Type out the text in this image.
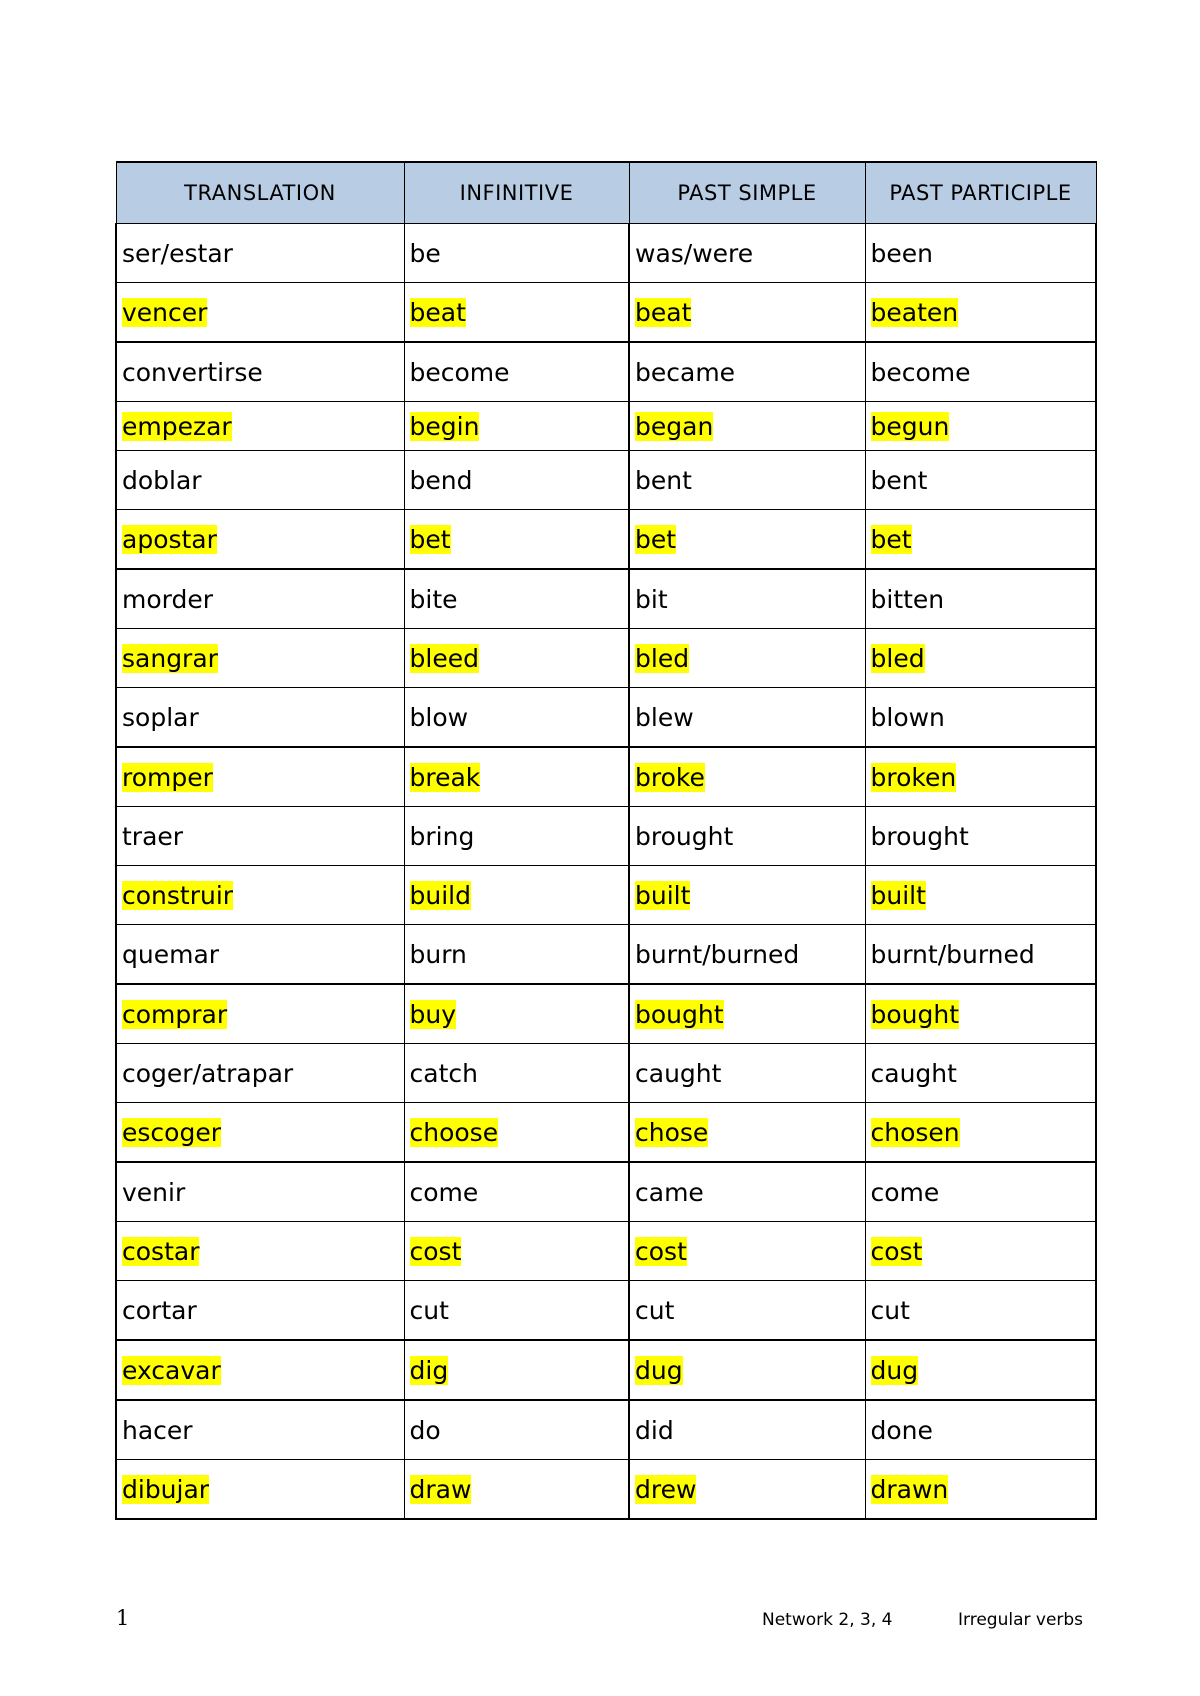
TRANSLATION	INFINITIVE	PAST SIMPLE	PAST PARTICIPLE
ser/estar	be	was/were	been
vencer	beat	beat	beaten
convertirse	become	became	become
empezar	begin	began	begun
doblar	bend	bent	bent
apostar	bet	bet	bet
morder	bite	bit	bitten
sangrar	bleed	bled	bled
soplar	blow	blew	blown
romper	break	broke	broken
traer	bring	brought	brought
construir	build	built	built
quemar	burn	burnt/burned	burnt/burned
comprar	buy	bought	bought
coger/atrapar	catch	caught	caught
escoger	choose	chose	chosen
venir	come	came	come
costar	cost	cost	cost
cortar	cut	cut	cut
excavar	dig	dug	dug
hacer	do	did	done
dibujar	draw	drew	drawn
1	Network 2, 3, 4	Irregular verbs
